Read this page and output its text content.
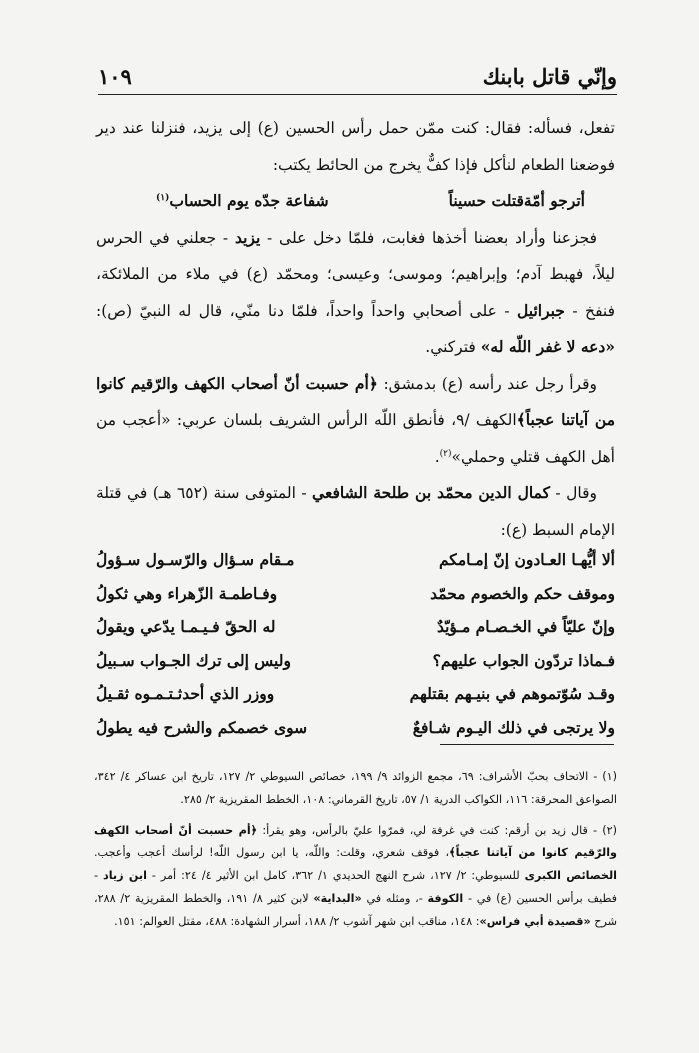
وإنّي قاتل بابنك
١٠٩

تفعل، فسأله: فقال: كنت ممّن حمل رأس الحسين (ع) إلى يزيد، فنزلنا عند دير فوضعنا الطعام لنأكل فإذا كفٌّ يخرج من الحائط يكتب:

أترجو أمّةقتلت حسيناً
شفاعة جدّه يوم الحساب$^{(١)}$

فجزعنا وأراد بعضنا أخذها فغابت، فلمّا دخل على - يزيد - جعلني في الحرس ليلاً، فهبط آدم؛ وإبراهيم؛ وموسى؛ وعيسى؛ ومحمّد (ع) في ملاء من الملائكة، فنفخ - جبرائيل - على أصحابي واحداً واحداً، فلمّا دنا منّي، قال له النبيّ (ص): «دعه لا غفر اللّه له» فتركني.

وقرأ رجل عند رأسه (ع) بدمشق: ﴿أم حسبت أنّ أصحاب الكهف والرّقيم كانوا من آياتنا عجباً﴾الكهف /٩، فأنطق اللّه الرأس الشريف بلسان عربي: «أعجب من أهل الكهف قتلي وحملي»$^{(٢)}$.

وقال - كمال الدين محمّد بن طلحة الشافعي - المتوفى سنة (٦٥٢ هـ) في قتلة الإمام السبط (ع):

ألا أيُّهـا العـادون إنّ إمـامكم
مـقام سـؤال والرّسـول سـؤولُ
وموقف حكم والخصوم محمّد
وفـاطمـة الزّهراء وهي ثكولُ
وإنّ عليّاً في الخـصـام مـؤيّدٌ
له الحقّ فـيـمـا يدّعي ويقولُ
فـماذا تردّون الجواب عليهم؟
وليس إلى ترك الجـواب سـبيلُ
وقـد سُوّتموهم في بنيـهم بقتلهم
ووزر الذي أحدثـتـمـوه ثقـيلُ
ولا يرتجى في ذلك اليـوم شـافعٌ
سوى خصمكم والشرح فيه يطولُ

(١) - الاتحاف بحبّ الأشراف: ٦٩، مجمع الزوائد ٩/ ١٩٩، خصائص السيوطي ٢/ ١٢٧، تاريخ ابن عساكر ٤/ ٣٤٢، الصواعق المحرقة: ١١٦، الكواكب الدرية ١/ ٥٧، تاريخ القرماني: ١٠٨، الخطط المقريزية ٢/ ٢٨٥.

(٢) - قال زيد بن أرقم: كنت في غرفة لي، فمرّوا عليّ بالرأس، وهو يقرأ: ﴿أم حسبت أنّ أصحاب الكهف والرّقيم كانوا من آياتنا عجباً﴾، فوقف شعري، وقلت: واللّه، يا ابن رسول اللّه! لرأسك أعجب وأعجب. الخصائص الكبرى للسيوطي: ٢/ ١٢٧، شرح النهج الحديدي ١/ ٣٦٢، كامل ابن الأثير ٤/ ٢٤: أمر - ابن زياد - فطيف برأس الحسين (ع) في - الكوفة -، ومثله في «البداية» لابن كثير ٨/ ١٩١، والخطط المقريزية ٢/ ٢٨٨، شرح «قصيدة أبي فراس»: ١٤٨، مناقب ابن شهر آشوب ٢/ ١٨٨، أسرار الشهادة: ٤٨٨، مقتل العوالم: ١٥١.
